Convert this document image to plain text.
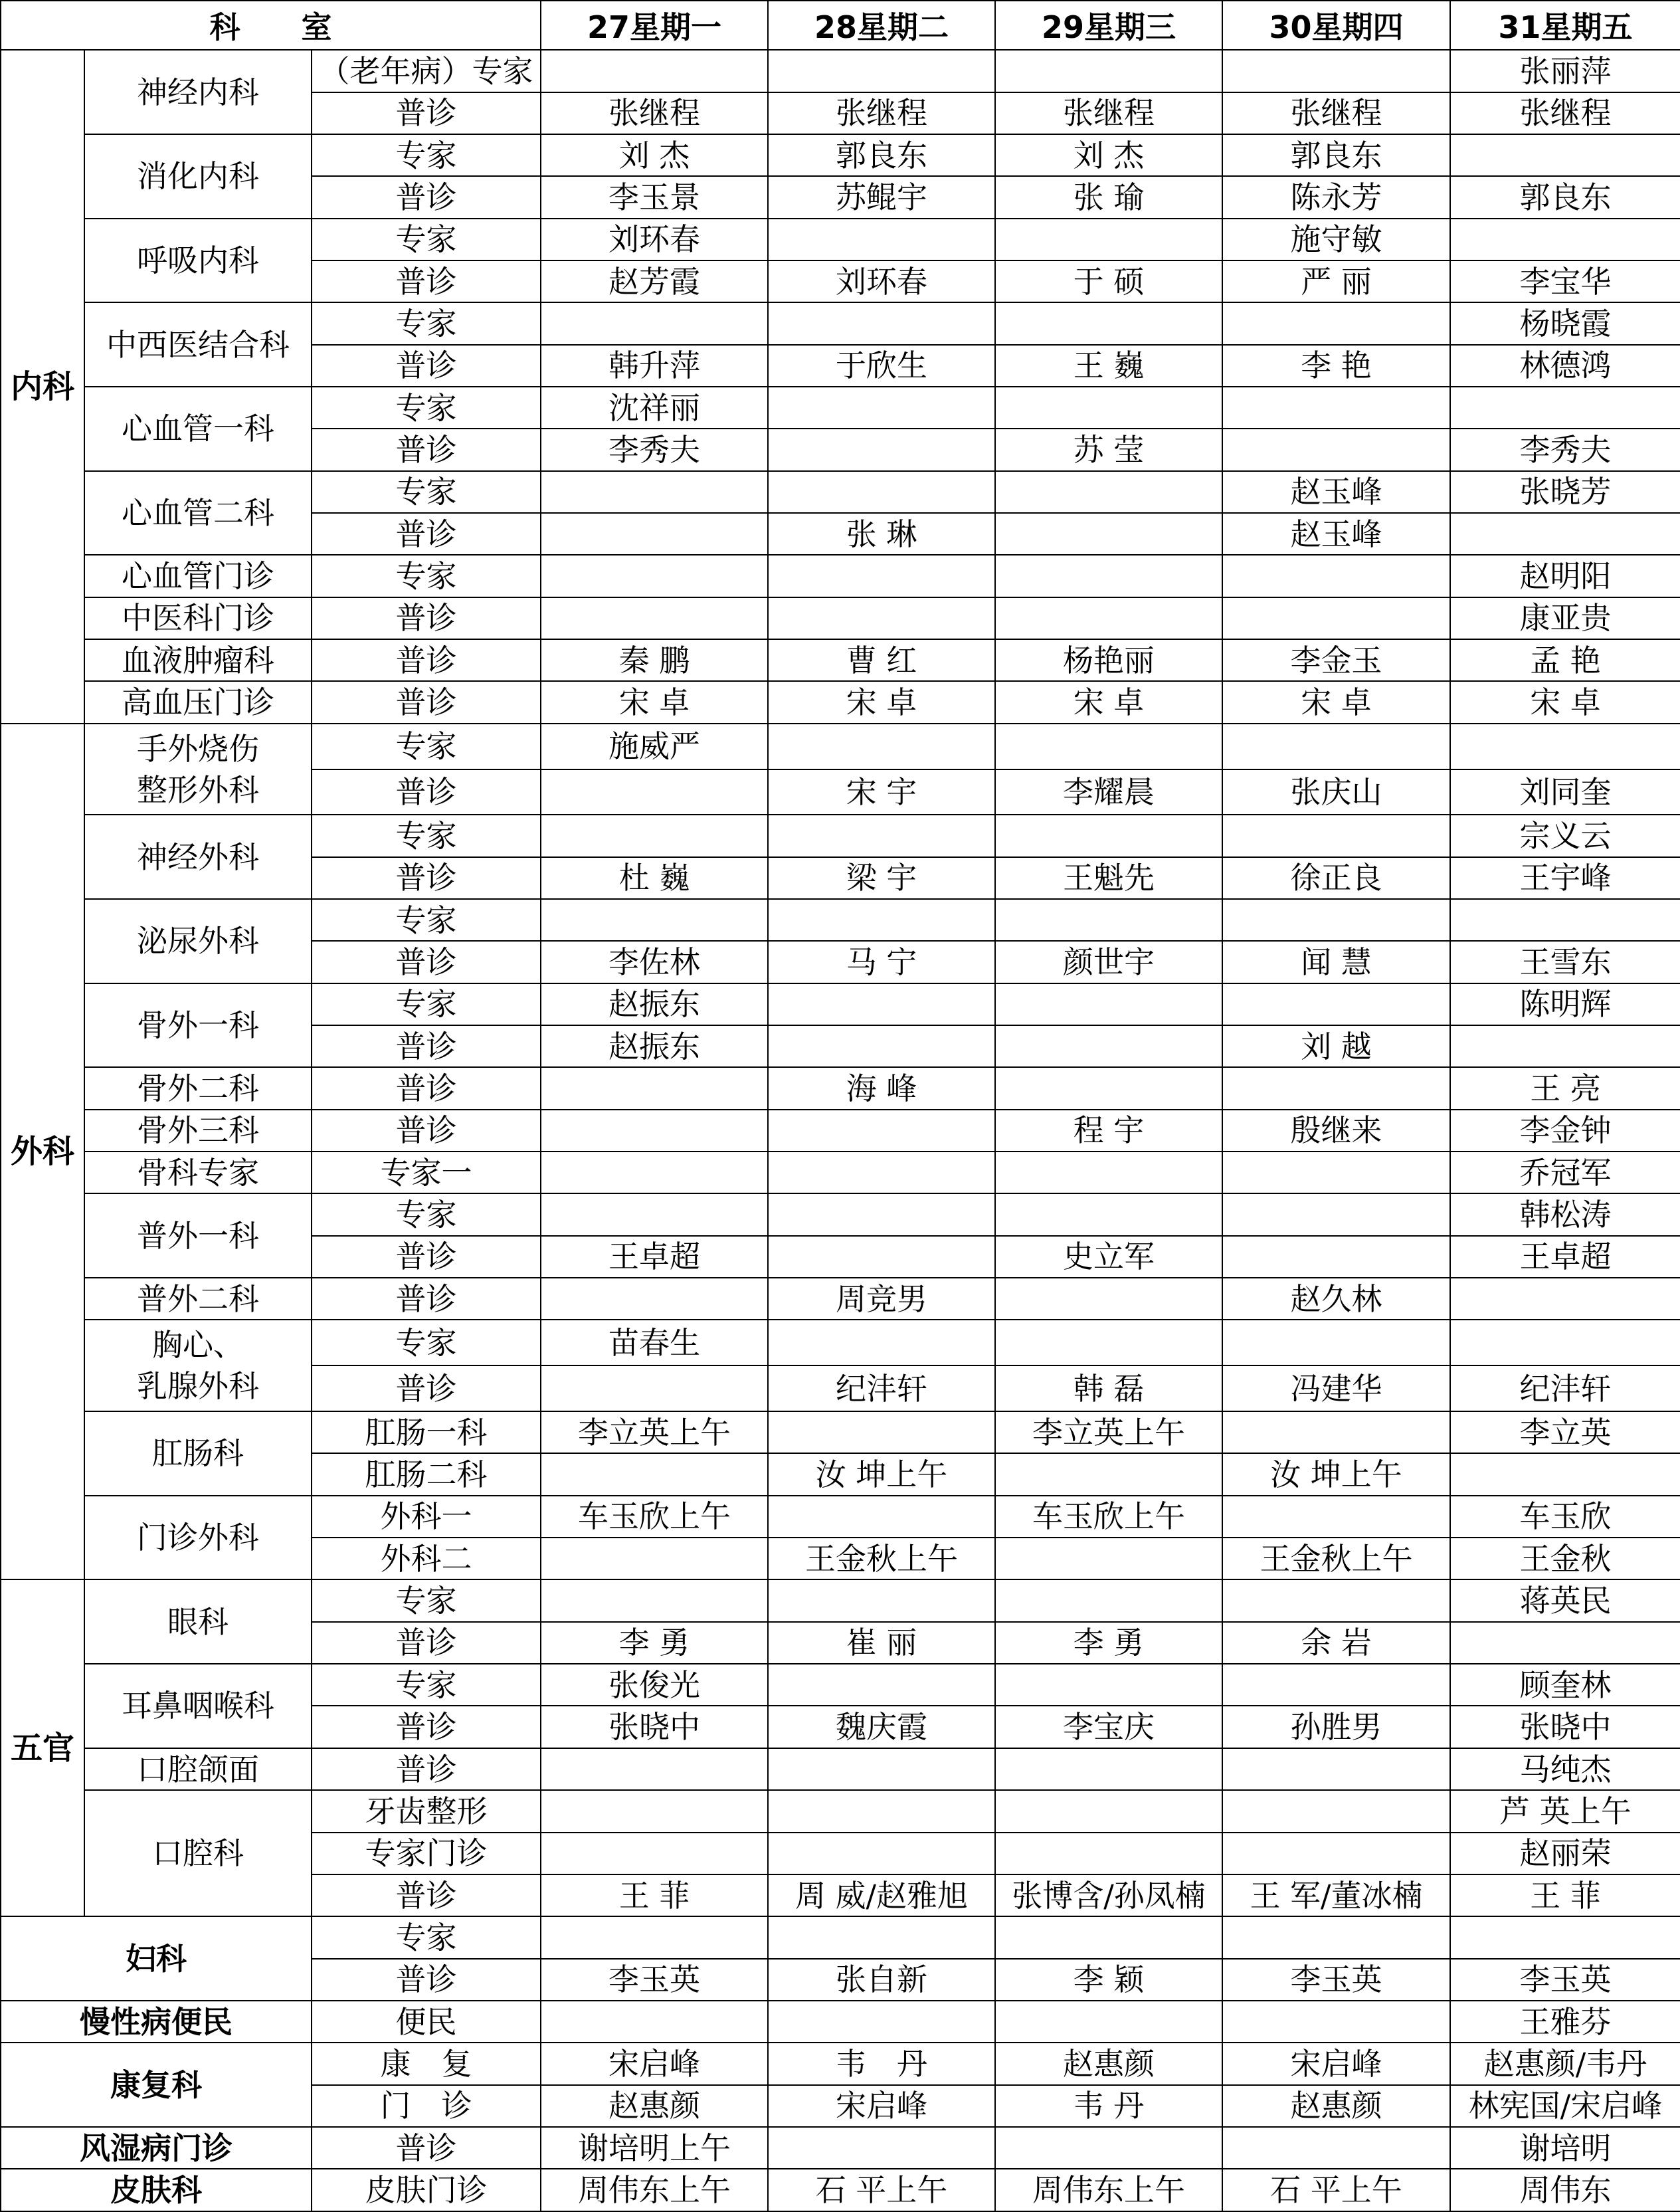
科　　室			27星期一	28星期二	29星期三	30星期四	31星期五
内科	神经内科	（老年病）专家					张丽萍
		普诊	张继程	张继程	张继程	张继程	张继程

	消化内科	专家	刘 杰	郭良东	刘 杰	郭良东	
		普诊	李玉景	苏鲲宇	张 瑜	陈永芳	郭良东

	呼吸内科	专家	刘环春			施守敏	
		普诊	赵芳霞	刘环春	于 硕	严 丽	李宝华

	中西医结合科	专家					杨晓霞
		普诊	韩升萍	于欣生	王 巍	李 艳	林德鸿

	心血管一科	专家	沈祥丽				
		普诊	李秀夫		苏 莹		李秀夫

	心血管二科	专家				赵玉峰	张晓芳
		普诊		张 琳		赵玉峰	

	心血管门诊	专家					赵明阳

	中医科门诊	普诊					康亚贵

	血液肿瘤科	普诊	秦 鹏	曹 红	杨艳丽	李金玉	孟 艳

	高血压门诊	普诊	宋 卓	宋 卓	宋 卓	宋 卓	宋 卓
外科	手外烧伤
整形外科	专家	施威严				
		普诊		宋 宇	李耀晨	张庆山	刘同奎

	神经外科	专家					宗义云
		普诊	杜 巍	梁 宇	王魁先	徐正良	王宇峰

	泌尿外科	专家					
		普诊	李佐林	马 宁	颜世宇	闻 慧	王雪东

	骨外一科	专家	赵振东				陈明辉
		普诊	赵振东			刘 越	

	骨外二科	普诊		海 峰			王 亮

	骨外三科	普诊			程 宇	殷继来	李金钟

	骨科专家	专家一					乔冠军

	普外一科	专家					韩松涛
		普诊	王卓超		史立军		王卓超

	普外二科	普诊		周竞男		赵久林	

	胸心、
乳腺外科	专家	苗春生				
		普诊		纪沣轩	韩 磊	冯建华	纪沣轩

	肛肠科	肛肠一科	李立英上午		李立英上午		李立英
		肛肠二科		汝 坤上午		汝 坤上午	

	门诊外科	外科一	车玉欣上午		车玉欣上午		车玉欣
		外科二		王金秋上午		王金秋上午	王金秋
五官	眼科	专家					蒋英民
		普诊	李 勇	崔 丽	李 勇	余 岩	

	耳鼻咽喉科	专家	张俊光				顾奎林
		普诊	张晓中	魏庆霞	李宝庆	孙胜男	张晓中

	口腔颌面	普诊					马纯杰

	口腔科	牙齿整形					芦 英上午
		专家门诊					赵丽荣
		普诊	王 菲	周 威/赵雅旭	张博含/孙凤楠	王 军/董冰楠	王 菲
妇科		专家					
		普诊	李玉英	张自新	李 颖	李玉英	李玉英
慢性病便民		便民					王雅芬
康复科		康　复	宋启峰	韦　丹	赵惠颜	宋启峰	赵惠颜/韦丹
		门　诊	赵惠颜	宋启峰	韦 丹	赵惠颜	林宪国/宋启峰
风湿病门诊		普诊	谢培明上午				谢培明
皮肤科		皮肤门诊	周伟东上午	石 平上午	周伟东上午	石 平上午	周伟东
